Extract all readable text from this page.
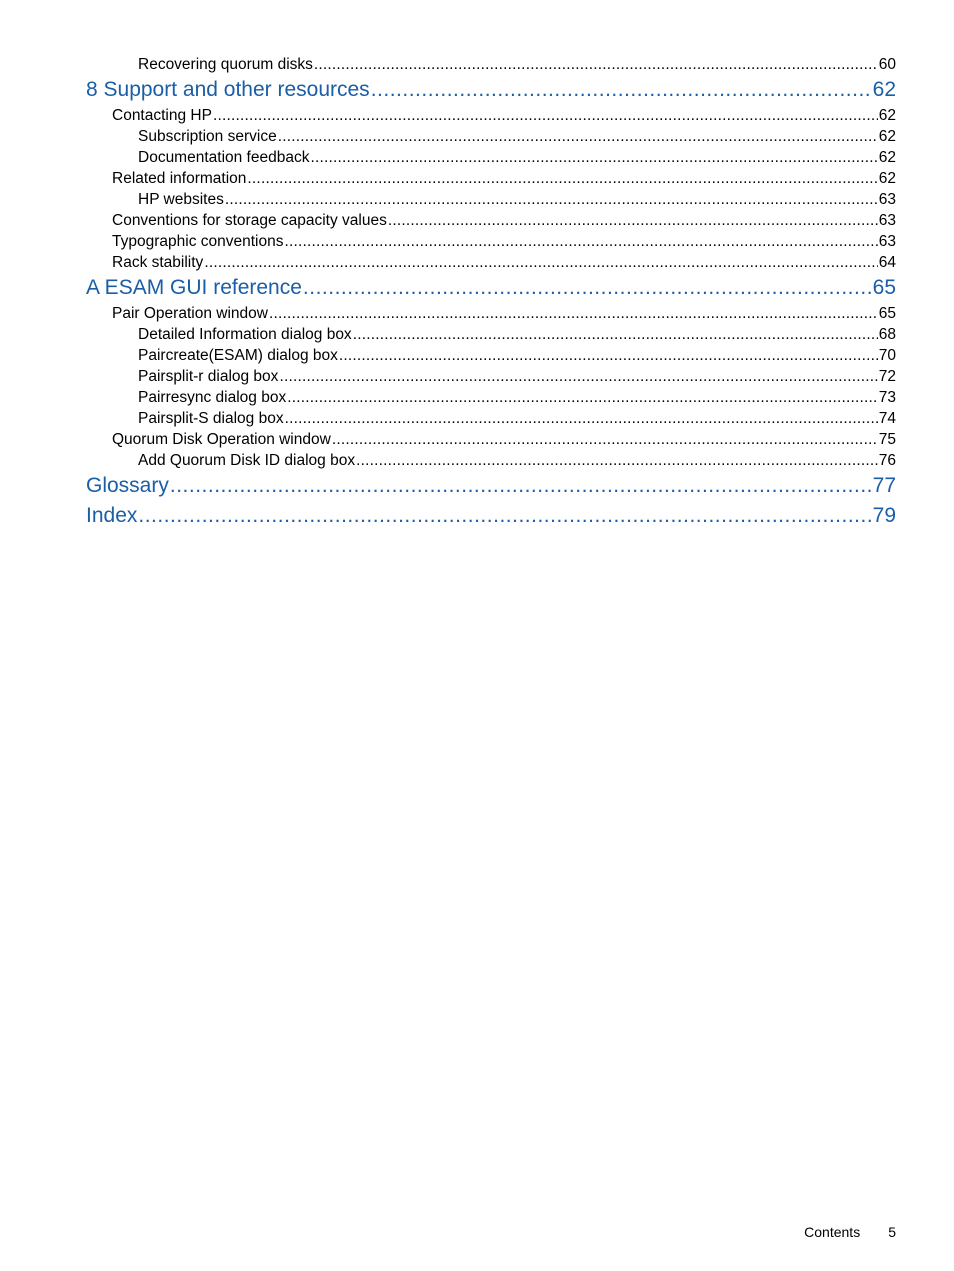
Recovering quorum disks .....	60
8 Support and other resources .....	62
Contacting HP .....	62
Subscription service .....	62
Documentation feedback .....	62
Related information .....	62
HP websites .....	63
Conventions for storage capacity values .....	63
Typographic conventions .....	63
Rack stability .....	64
A ESAM GUI reference .....	65
Pair Operation window .....	65
Detailed Information dialog box .....	68
Paircreate(ESAM) dialog box .....	70
Pairsplit-r dialog box .....	72
Pairresync dialog box .....	73
Pairsplit-S dialog box .....	74
Quorum Disk Operation window .....	75
Add Quorum Disk ID dialog box .....	76
Glossary .....	77
Index .....	79
Contents 5
